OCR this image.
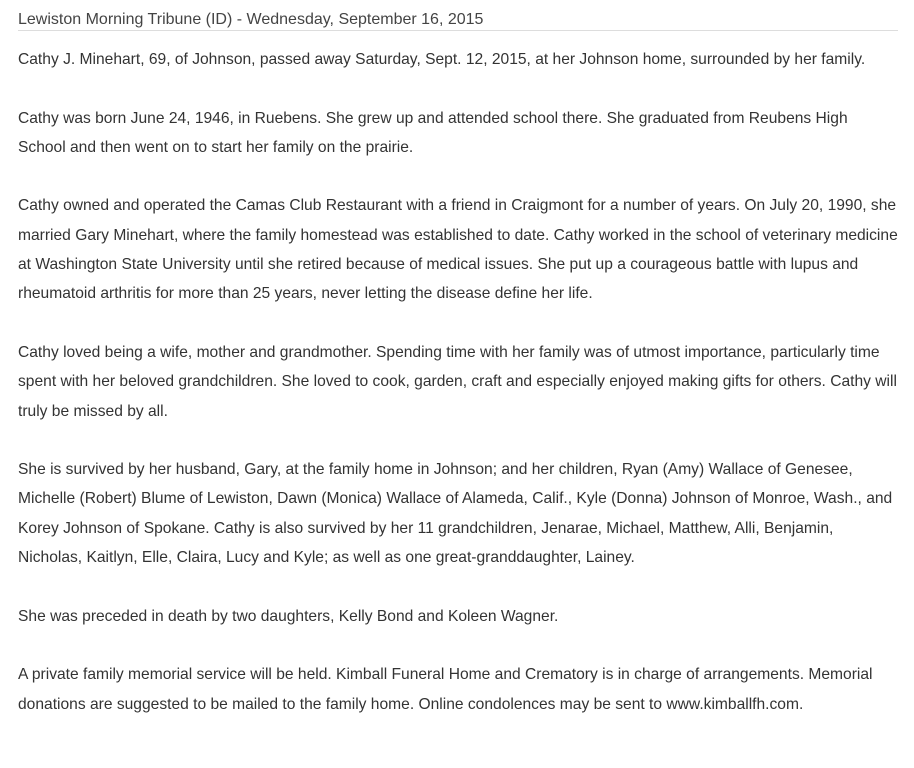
Lewiston Morning Tribune (ID) - Wednesday, September 16, 2015

Cathy J. Minehart, 69, of Johnson, passed away Saturday, Sept. 12, 2015, at her Johnson home, surrounded by her family.

Cathy was born June 24, 1946, in Ruebens. She grew up and attended school there. She graduated from Reubens High School and then went on to start her family on the prairie.

Cathy owned and operated the Camas Club Restaurant with a friend in Craigmont for a number of years. On July 20, 1990, she married Gary Minehart, where the family homestead was established to date. Cathy worked in the school of veterinary medicine at Washington State University until she retired because of medical issues. She put up a courageous battle with lupus and rheumatoid arthritis for more than 25 years, never letting the disease define her life.

Cathy loved being a wife, mother and grandmother. Spending time with her family was of utmost importance, particularly time spent with her beloved grandchildren. She loved to cook, garden, craft and especially enjoyed making gifts for others. Cathy will truly be missed by all.

She is survived by her husband, Gary, at the family home in Johnson; and her children, Ryan (Amy) Wallace of Genesee, Michelle (Robert) Blume of Lewiston, Dawn (Monica) Wallace of Alameda, Calif., Kyle (Donna) Johnson of Monroe, Wash., and Korey Johnson of Spokane. Cathy is also survived by her 11 grandchildren, Jenarae, Michael, Matthew, Alli, Benjamin, Nicholas, Kaitlyn, Elle, Claira, Lucy and Kyle; as well as one great-granddaughter, Lainey.

She was preceded in death by two daughters, Kelly Bond and Koleen Wagner.

A private family memorial service will be held. Kimball Funeral Home and Crematory is in charge of arrangements. Memorial donations are suggested to be mailed to the family home. Online condolences may be sent to www.kimballfh.com.
